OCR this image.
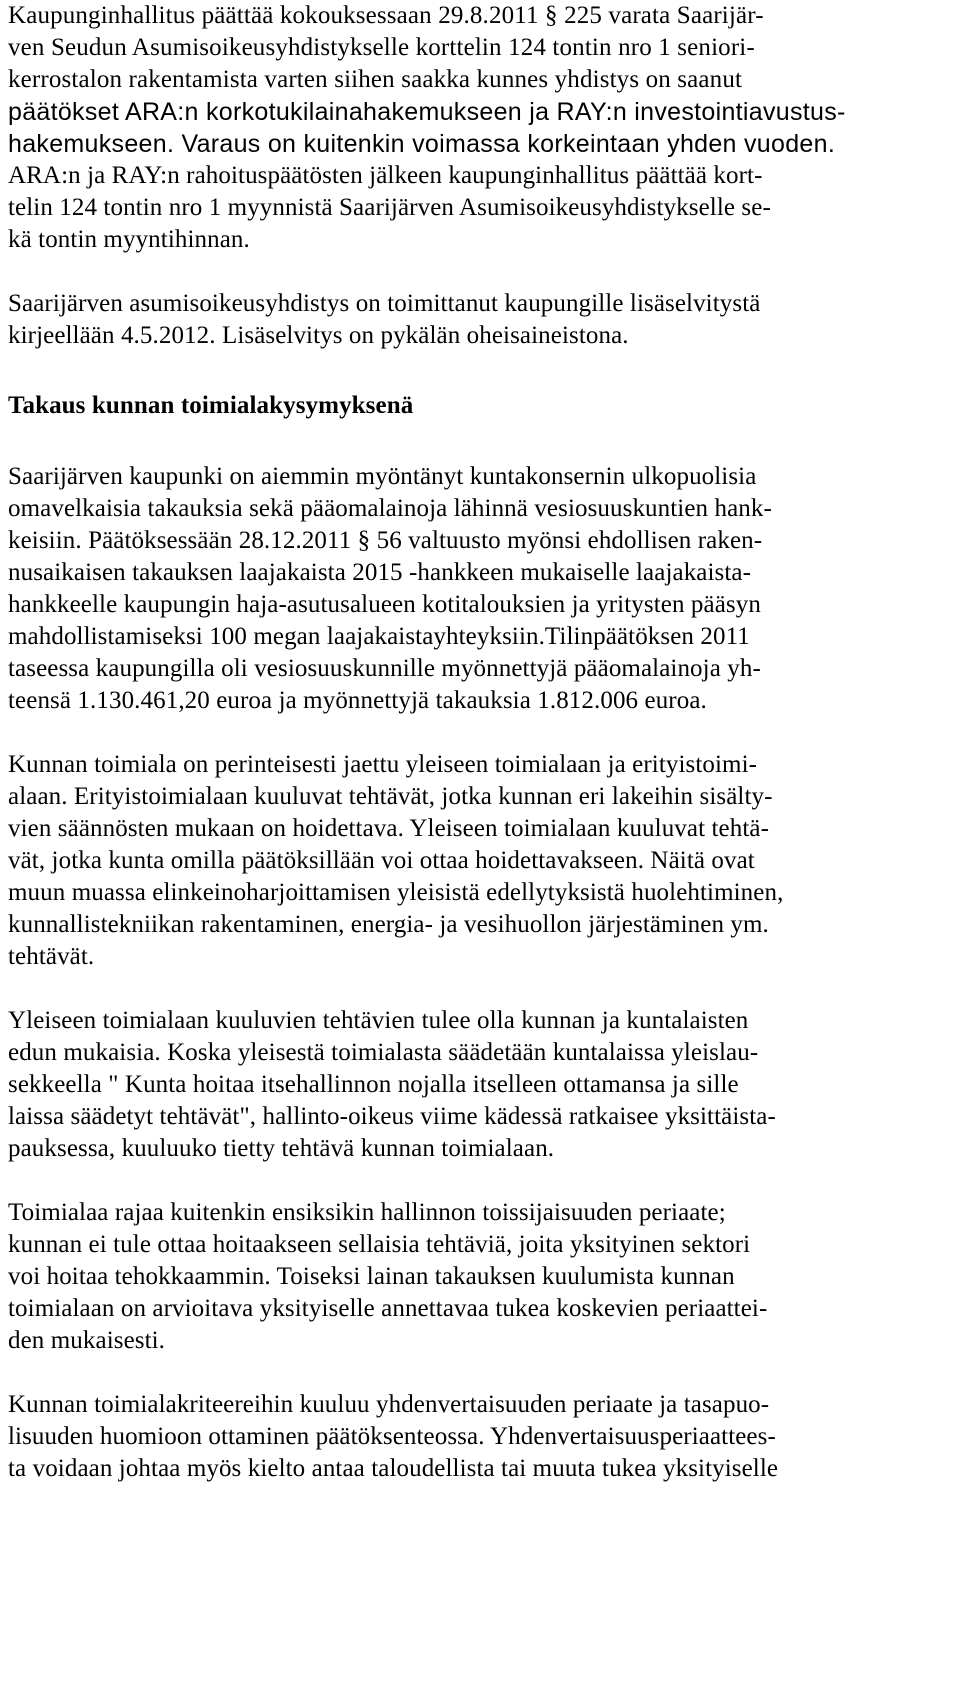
Kaupunginhallitus päättää kokouksessaan 29.8.2011 § 225 varata Saarijär-
ven Seudun Asumisoikeusyhdistykselle korttelin 124 tontin nro 1 seniori-
kerrostalon rakentamista varten siihen saakka kunnes yhdistys on saanut
päätökset ARA:n korkotukilainahakemukseen ja RAY:n investointiavustus-
hakemukseen. Varaus on kuitenkin voimassa korkeintaan yhden vuoden.
ARA:n ja RAY:n rahoituspäätösten jälkeen kaupunginhallitus päättää kort-
telin 124 tontin nro 1 myynnistä Saarijärven Asumisoikeusyhdistykselle se-
kä tontin myyntihinnan.
Saarijärven asumisoikeusyhdistys on toimittanut kaupungille lisäselvitystä
kirjeellään 4.5.2012. Lisäselvitys on pykälän oheisaineistona.
Takaus kunnan toimialakysymyksenä
Saarijärven kaupunki on aiemmin myöntänyt kuntakonsernin ulkopuolisia
omavelkaisia takauksia sekä pääomalainoja lähinnä vesiosuuskuntien hank-
keisiin. Päätöksessään 28.12.2011 § 56 valtuusto myönsi ehdollisen raken-
nusaikaisen takauksen laajakaista 2015 -hankkeen mukaiselle laajakaista-
hankkeelle kaupungin haja-asutusalueen kotitalouksien ja yritysten pääsyn
mahdollistamiseksi 100 megan laajakaistayhteyksiin.Tilinpäätöksen 2011
taseessa kaupungilla oli vesiosuuskunnille myönnettyjä pääomalainoja yh-
teensä 1.130.461,20 euroa ja myönnettyjä takauksia 1.812.006 euroa.
Kunnan toimiala on perinteisesti jaettu yleiseen toimialaan ja erityistoimi-
alaan. Erityistoimialaan kuuluvat tehtävät, jotka kunnan eri lakeihin sisälty-
vien säännösten mukaan on hoidettava. Yleiseen toimialaan kuuluvat tehtä-
vät, jotka kunta omilla päätöksillään voi ottaa hoidettavakseen. Näitä ovat
muun muassa elinkeinoharjoittamisen yleisistä edellytyksistä huolehtiminen,
kunnallistekniikan rakentaminen, energia- ja vesihuollon järjestäminen ym.
tehtävät.
Yleiseen toimialaan kuuluvien tehtävien tulee olla kunnan ja kuntalaisten
edun mukaisia. Koska yleisestä toimialasta säädetään kuntalaissa yleislau-
sekkeella " Kunta hoitaa itsehallinnon nojalla itselleen ottamansa ja sille
laissa säädetyt tehtävät", hallinto-oikeus viime kädessä ratkaisee yksittäista-
pauksessa, kuuluuko tietty tehtävä kunnan toimialaan.
Toimialaa rajaa kuitenkin ensiksikin hallinnon toissijaisuuden periaate;
kunnan ei tule ottaa hoitaakseen sellaisia tehtäviä, joita yksityinen sektori
voi hoitaa tehokkaammin. Toiseksi lainan takauksen kuulumista kunnan
toimialaan on arvioitava yksityiselle annettavaa tukea koskevien periaattei-
den mukaisesti.
Kunnan toimialakriteereihin kuuluu yhdenvertaisuuden periaate ja tasapuo-
lisuuden huomioon ottaminen päätöksenteossa. Yhdenvertaisuusperiaattees-
ta voidaan johtaa myös kielto antaa taloudellista tai muuta tukea yksityiselle
